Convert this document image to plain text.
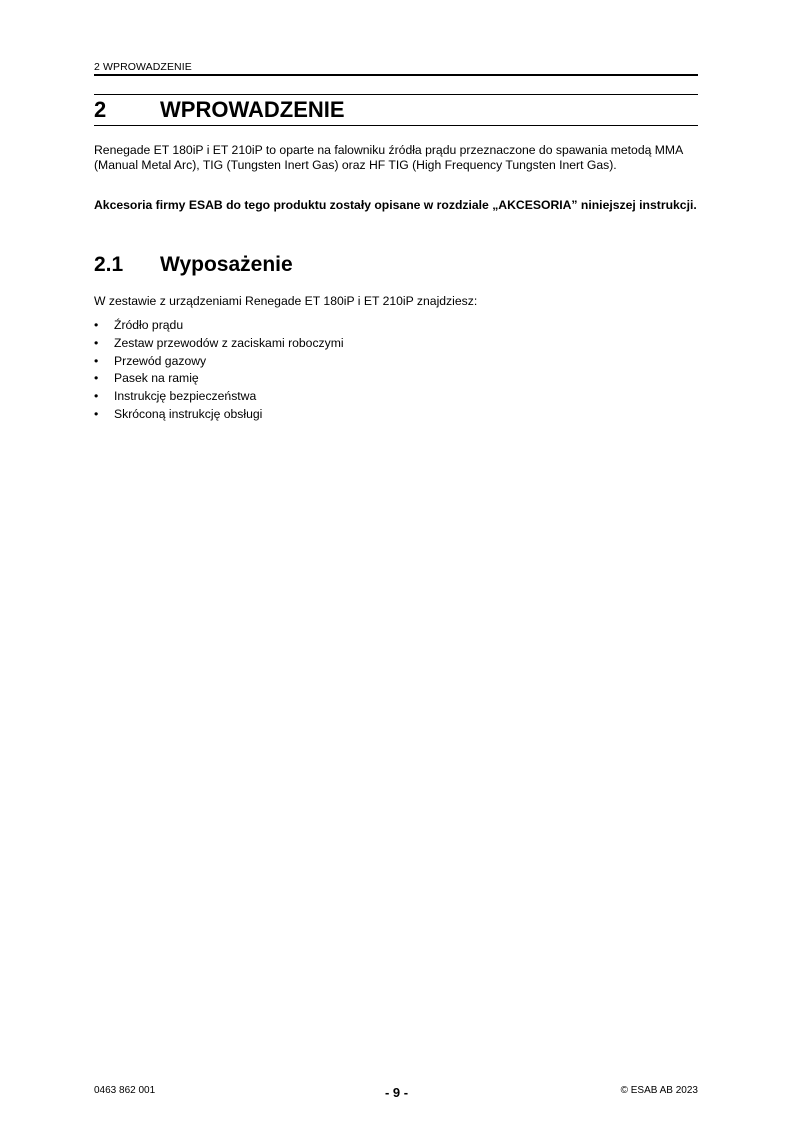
2 WPROWADZENIE
2 WPROWADZENIE
Renegade ET 180iP i ET 210iP to oparte na falowniku źródła prądu przeznaczone do spawania metodą MMA (Manual Metal Arc), TIG (Tungsten Inert Gas) oraz HF TIG (High Frequency Tungsten Inert Gas).
Akcesoria firmy ESAB do tego produktu zostały opisane w rozdziale „AKCESORIA” niniejszej instrukcji.
2.1 Wyposażenie
W zestawie z urządzeniami Renegade ET 180iP i ET 210iP znajdziesz:
• Źródło prądu
• Zestaw przewodów z zaciskami roboczymi
• Przewód gazowy
• Pasek na ramię
• Instrukcję bezpieczeństwa
• Skróconą instrukcję obsługi
0463 862 001	- 9 -	© ESAB AB 2023
